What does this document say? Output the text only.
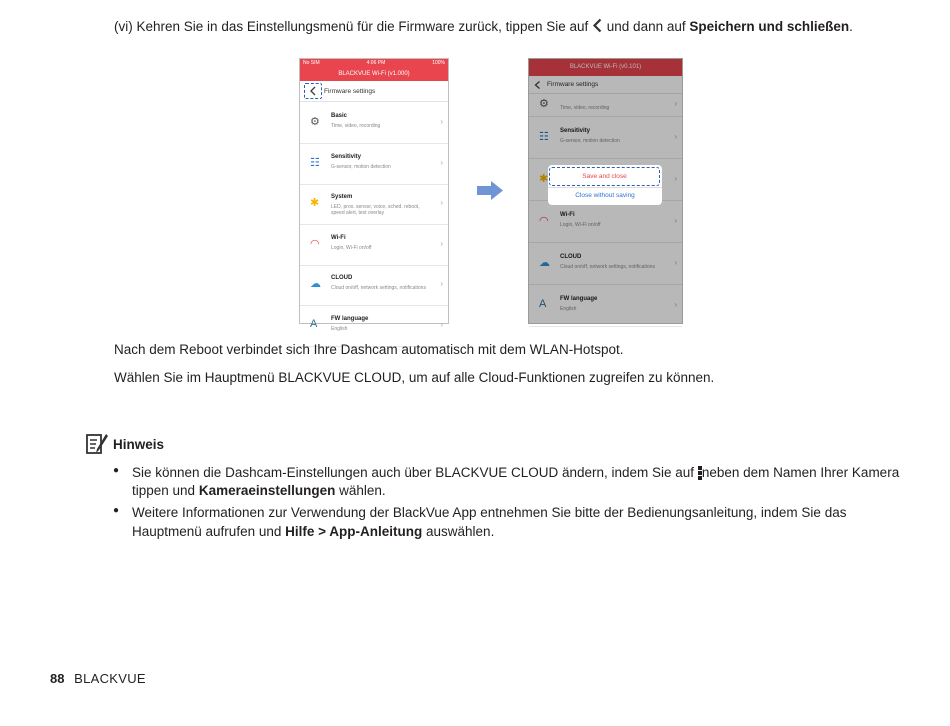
(vi) Kehren Sie in das Einstellungsmenü für die Firmware zurück, tippen Sie auf und dann auf Speichern und schließen.
No SIM	4:06 PM	100%
BLACKVUE Wi-Fi (v1.000)
Firmware settings
⚙ Basic
Time, video, recording	›
☷ Sensitivity
G-sensor, motion detection	›
✱ System
LED, prox. sensor, voice, sched. reboot, speed alert, text overlay
›
◠ Wi-Fi
Login, Wi-Fi on/off	›
☁ CLOUD
Cloud on/off, network settings, notifications ›
A FW language
English	›
BLACKVUE Wi-Fi (v0.101)
Firmware settings
⚙ Time, video, recording	›
☷ Sensitivity
G-sensor, motion detection	›
✱	›
◠ Wi-Fi
Login, Wi-Fi on/off	›
☁ CLOUD
Cloud on/off, network settings, notifications ›
A FW language
English	›
Save and close
Close without saving
Nach dem Reboot verbindet sich Ihre Dashcam automatisch mit dem WLAN-Hotspot.
Wählen Sie im Hauptmenü BLACKVUE CLOUD, um auf alle Cloud-Funktionen zugreifen zu können.
Hinweis
● Sie können die Dashcam-Einstellungen auch über BLACKVUE CLOUD ändern, indem Sie auf neben dem Namen Ihrer Kamera
tippen und Kameraeinstellungen wählen.
● Weitere Informationen zur Verwendung der BlackVue App entnehmen Sie bitte der Bedienungsanleitung, indem Sie das
Hauptmenü aufrufen und Hilfe > App-Anleitung auswählen.
88 BLACKVUE
